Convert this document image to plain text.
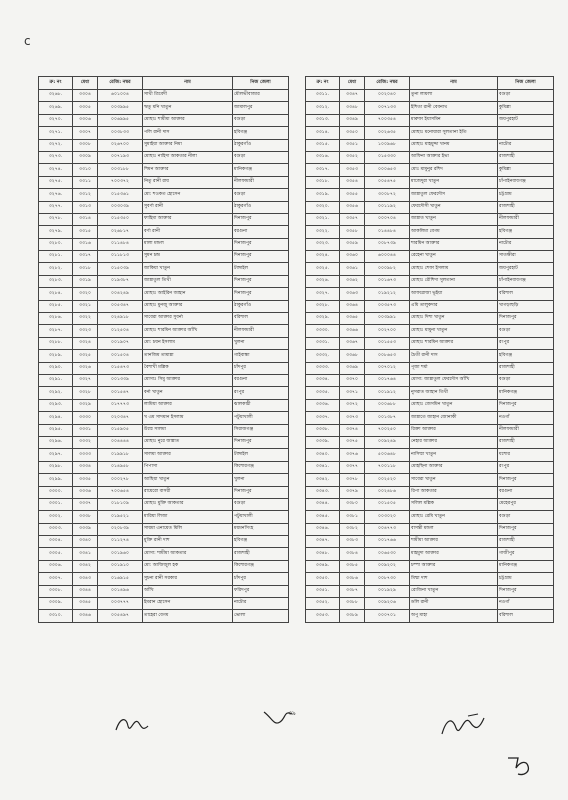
c
ক্র: নং	মেধা	রেজি: নম্বর	নাম	নিজ জেলা
৩২৬৮.	৩৩০৪	৬০১০০৪	সাথী ত্রিবেদী	মৌলভীবাজার
৩২৬৯.	৩৩০৫	০০৩৯৯৫	ঋতু মনি খাতুন	জামালপুর
৩২৭০.	৩৩০৬	০০৬৯৯৫	মোছাঃ শামীমা আক্তার	বগুড়া
৩২৭১.	৩৩০৭	০০৩৮৩৩	পলি রানী দাস	হবিগঞ্জ
৩২৭২.	৩৩০৮	০২৬৭০০	সুমাইয়া আক্তার নিমা	ঠাকুরগাঁও
৩২৭৩.	৩৩০৯	০০৭১৯৩	মোছাঃ নাহিদা আকতার নীলা	বগুড়া
৩২৭৪.	৩৩১০	০০৩১৮৮	শিমন আক্তার	মানিকগঞ্জ
৩২৭৫.	৩৩১১	৭০০৩৭২	নিতু রানী রায়	নীলফামারী
৩২৭৬.	৩৩১২	০১৫৩৬১	মো: শওকত হোসেন	বগুড়া
৩২৭৭.	৩৩১৩	০০৩০৩৯	সুবর্ণা রানী	ঠাকুরগাঁও
৩২৭৮.	৩৩১৪	০১৫৩৫০	ফাহিমা আক্তার	দিনাজপুর
৩২৭৯.	৩৩১৫	০২৬৮১৭	বর্ণা রানী	বরগুনা
৩২৮০.	৩৩১৬	০১১৪৮৪	মালা মন্ডল	দিনাজপুর
৩২৮১.	৩৩১৭	০১১৮১৩	সুমন চন্দ্র	দিনাজপুর
৩২৮২.	৩৩১৮	০১৫০৩৯	জাকিয়া খাতুন	টাঙ্গাইল
৩২৮৩.	৩৩১৯	০১৯৩৮৭	জান্নাতুল তিথী	দিনাজপুর
৩২৮৪.	৩৩২০	০০৪২৪৯	মোছাঃ আইরিন জাহান	দিনাজপুর
৩২৮৫.	৩৩২১	০০৫৩৪৭	মোছাঃ মুনজু আক্তার	ঠাকুরগাঁও
৩২৮৬.	৩৩২২	০২৪৯১৮	সাবেরা আক্তার সুবর্না	বরিশাল
৩২৮৭.	৩৩২৩	০১২৫০৪	মোছাঃ শারমিন আক্তার আঁখি	নীলফামারী
৩২৮৮.	৩৩২৪	০০১৯০৭	মো: চয়ন ইসলাম	খুলনা
৩২৮৯.	৩৩২৫	০০১৫০৪	তানজিম তামান্না	গাইবান্ধা
৩২৯০.	৩৩২৬	০১৫৪৭৩	বৈশাখী মল্লিক	চাঁদপুর
৩২৯১.	৩৩২৭	০০১৩৩৯	মোসাঃ সিমু আক্তার	বরগুনা
৩২৯২.	৩৩২৮	০০১৫৪৭	বর্না খাতুন	রংপুর
৩২৯৩.	৩৩২৯	০১৭৭৭৩	লামিয়া আক্তার	ঝালকাঠী
৩২৯৪.	৩৩৩০	০২০৩৪৭	খ এম সাদমান ইসলাম	পটুয়াখালী
৩২৯৫.	৩৩৩১	০১৫৯০৫	উম্মে সালমা	সিরাজগঞ্জ
৩২৯৬.	৩৩৩২	০০৪৪৪৪	মোছাঃ নুরে জান্নাত	দিনাজপুর
৩২৯৭.	৩৩৩৩	০১৯৯১৮	সালমা আক্তার	টাঙ্গাইল
৩২৯৮.	৩৩৩৪	০১৪৯৫৮	পিপাসা	কিশোরগঞ্জ
৩২৯৯.	৩৩৩৫	০০০২৭৮	আছিয়া খাতুন	খুলনা
৩৩০০.	৩৩৩৬	৭০০৬৫৪	রায়েরো বাসরী	দিনাজপুর
৩৩০১.	৩৩৩৭	০১৮১০৯	মোছাঃ মুক্তি আকতার	বগুড়া
৩৩০২.	৩৩৩৮	০১৯৫২১	মারিয়া লিজা	পটুয়াখালী
৩৩০৩.	৩৩৩৯	০২০৮৩৯	সায়মা এনায়েত মিলি	ময়মনসিংহ
৩৩০৪.	৩৩৪০	০১১২৭৪	মুক্তি রানী দাশ	হবিগঞ্জ
৩৩০৫.	৩৩৪১	০০১৯৬০	মোসা: শামীমা আকতার	রাজশাহী
৩৩০৬.	৩৩৪২	০০১৯১০	মো: আজিজুল হক	কিশোরগঞ্জ
৩৩০৭.	৩৩৪৩	০১৬৯১৫	সুচনা রানী সরকার	চাঁদপুর
৩৩০৮.	৩৩৪৪	০০১৪৯৬	আঁখি	ফরিদপুর
৩৩০৯.	৩৩৪৫	০০৩৭৭৭	ইমরান হোসেন	নাটোর
৩৩১০.	৩৩৪৬	০০৫৪৯৭	তাহেরা বেগম	ভোলা
ক্র: নং	মেধা	রেজি: নম্বর	নাম	নিজ জেলা
৩৩১১.	৩৩৪৭	০০২০৪০	তুনা লায়লা	বগুড়া
৩৩১২.	৩৩৪৮	০০৭১৩৩	ইশিতা রানী বেবনাথ	কুমিল্লা
৩৩১৩.	৩৩৪৯	৭০০৩৫৪	মারুফা ইয়াসমিন	জয়পুরহাট
৩৩১৪.	৩৩৫০	০০২৬৩৫	মোছাঃ মনোয়ারা সুলতানা ইতি	
৩৩১৫.	৩৩৫১	১০০৯৬৮	মোছাঃ মাহমুদ্দা খানম	নাটোর
৩৩১৬.	৩৩৫২	০১৫৩৩০	আফিনা আক্তার ইভা	রাজশাহী
৩৩১৭.	৩৩৫৩	০০০৬৫৩	মোঃ মামুনুর রশিদ	কুমিল্লা
৩৩১৮.	৩৩৫৪	০০৫৪৭৫	মাজেদুরা খাতুন	চাঁপাইনবাবগঞ্জ
৩৩১৯.	৩৩৫৫	৩০০৮৭২	জান্নাতুল ফেরদৌস	চট্টগ্রাম
৩৩২০.	৩৩৫৬	০০১১৯২	ফেরদৌসী খাতুন	রাজশাহী
৩৩২১.	৩৩৫৭	০০০৭০৪	জান্নাত খাতুন	নীলফামারী
৩৩২২.	৩৩৫৮	০১৪৪৮৪	আকলিমা বেগম	হবিগঞ্জ
৩৩২৩.	৩৩৫৯	০০৮৭৩৯	শারমিন আক্তার	নাটোর
৩৩২৪.	৩৩৬০	৬০০০৪৪	রেহেনা খাতুন	সাতক্ষীরা
৩৩২৫.	৩৩৬১	০০০৯৮২	মোছাঃ শেফা ইসলাম	জয়পুরহাট
৩৩২৬.	৩৩৬২	০০১৬৭৩	মোছাঃ রৌশিদা সুলতানা	চাঁপাইনবাবগঞ্জ
৩৩২৭.	৩৩৬৩	০১৯২১২	আফরোজা ভূইয়া	বরিশাল
৩৩২৮.	৩৩৬৪	০০৩৫৭৩	এমি তালুকদার	খাগড়াছড়ি
৩৩২৯.	৩৩৬৫	০০৩৯৯১	মোছাঃ দিশা খাতুন	দিনাজপুর
৩৩৩০.	৩৩৬৬	০০২৭০০	মোছাঃ মামুনা খাতুন	বগুড়া
৩৩৩১.	৩৩৬৭	০০১৫৫৩	মোছাঃ শারমিন আক্তার	রংপুর
৩৩৩২.	৩৩৬৮	০০৮৬৫৩	চৈতী রানী দাস	হবিগঞ্জ
৩৩৩৩.	৩৩৬৯	০০৭০১২	পূজা শর্মা	রাজশাহী
৩৩৩৪.	৩৩৭০	০০১৭৬৪	মোসা: জান্নাতুল ফেরদৌস আঁখি	বগুড়া
৩৩৩৫.	৩৩৭১	০০১৯১২	নুসরাত জাহান তিথী	মানিকগঞ্জ
৩৩৩৬.	৩৩৭২	০০০৬৮৮	মোছাঃ জেসমিন খাতুন	দিনাজপুর
৩৩৩৭.	৩৩৭৩	০০১৩৮৭	জান্নাতে জাহান জোনাকী	নওগাঁ
৩৩৩৮.	৩৩৭৪	৭০০২৫০	রিক্তা আক্তার	নীলফামারী
৩৩৩৯.	৩৩৭৫	০০৯২৪৯	নেহার আক্তার	রাজশাহী
৩৩৪০.	৩৩৭৬	৫০০৬৪৮	নাসিম্মা খাতুন	যশোর
৩৩৪১.	৩৩৭৭	৭০০১১৮	মোহছিনা আক্তার	রংপুর
৩৩৪২.	৩৩৭৮	০০২৫২০	সাবেরা খাতুন	দিনাজপুর
৩৩৪৩.	৩৩৭৯	০০২৪৮৬	রিপা আকতার	বরগুনা
৩৩৪৪.	৩৩৮০	০০১৫০৫	সলিল মল্লিক	মেহেরপুর
৩৩৪৫.	৩৩৮১	০০৩০২০	মোছাঃ রেমি খাতুন	বগুড়া
৩৩৪৬.	৩৩৮২	০০৪৭৭৩	বাসন্তী মন্ডল	দিনাজপুর
৩৩৪৭.	৩৩৮৩	০০১৭৬৬	শামীমা আক্তার	রাজশাহী
৩৩৪৮.	৩৩৮৪	০০৬৫৩০	মাহমুদা আক্তার	গাজীপুর
৩৩৪৯.	৩৩৮৫	০০৯২০২	চম্পা আক্তার	মানিকগঞ্জ
৩৩৫০.	৩৩৮৬	০০৮৭৩০	মিম্মা দাশ	চট্টগ্রাম
৩৩৫১.	৩৩৮৭	০০১৯২৯	রোজিনা খাতুন	দিনাজপুর
৩৩৫২.	৩৩৮৮	০০৯২০৬	ডলি রানী	নওগাঁ
৩৩৫৩.	৩৩৮৯	০০০৭০১	অপু মাহা	বরিশাল
৩৯
